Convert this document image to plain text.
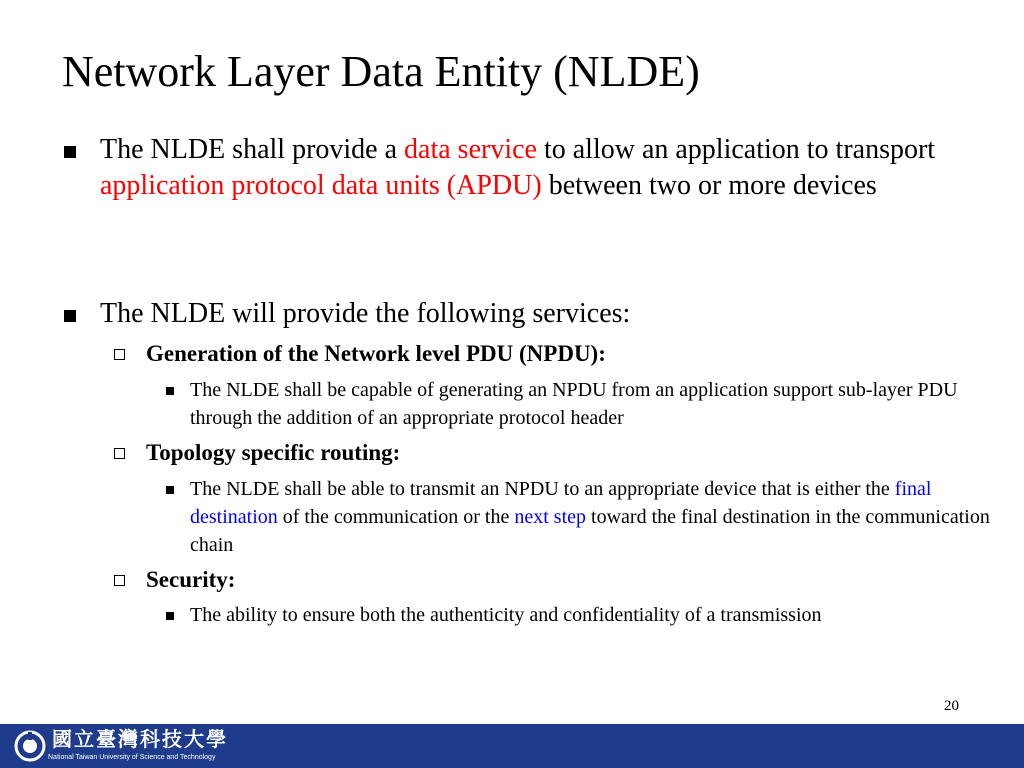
Network Layer Data Entity (NLDE)
The NLDE shall provide a data service to allow an application to transport application protocol data units (APDU) between two or more devices
The NLDE will provide the following services:
Generation of the Network level PDU (NPDU):
The NLDE shall be capable of generating an NPDU from an application support sub-layer PDU through the addition of an appropriate protocol header
Topology specific routing:
The NLDE shall be able to transmit an NPDU to an appropriate device that is either the final destination of the communication or the next step toward the final destination in the communication chain
Security:
The ability to ensure both the authenticity and confidentiality of a transmission
20
國立臺灣科技大學
National Taiwan University of Science and Technology
